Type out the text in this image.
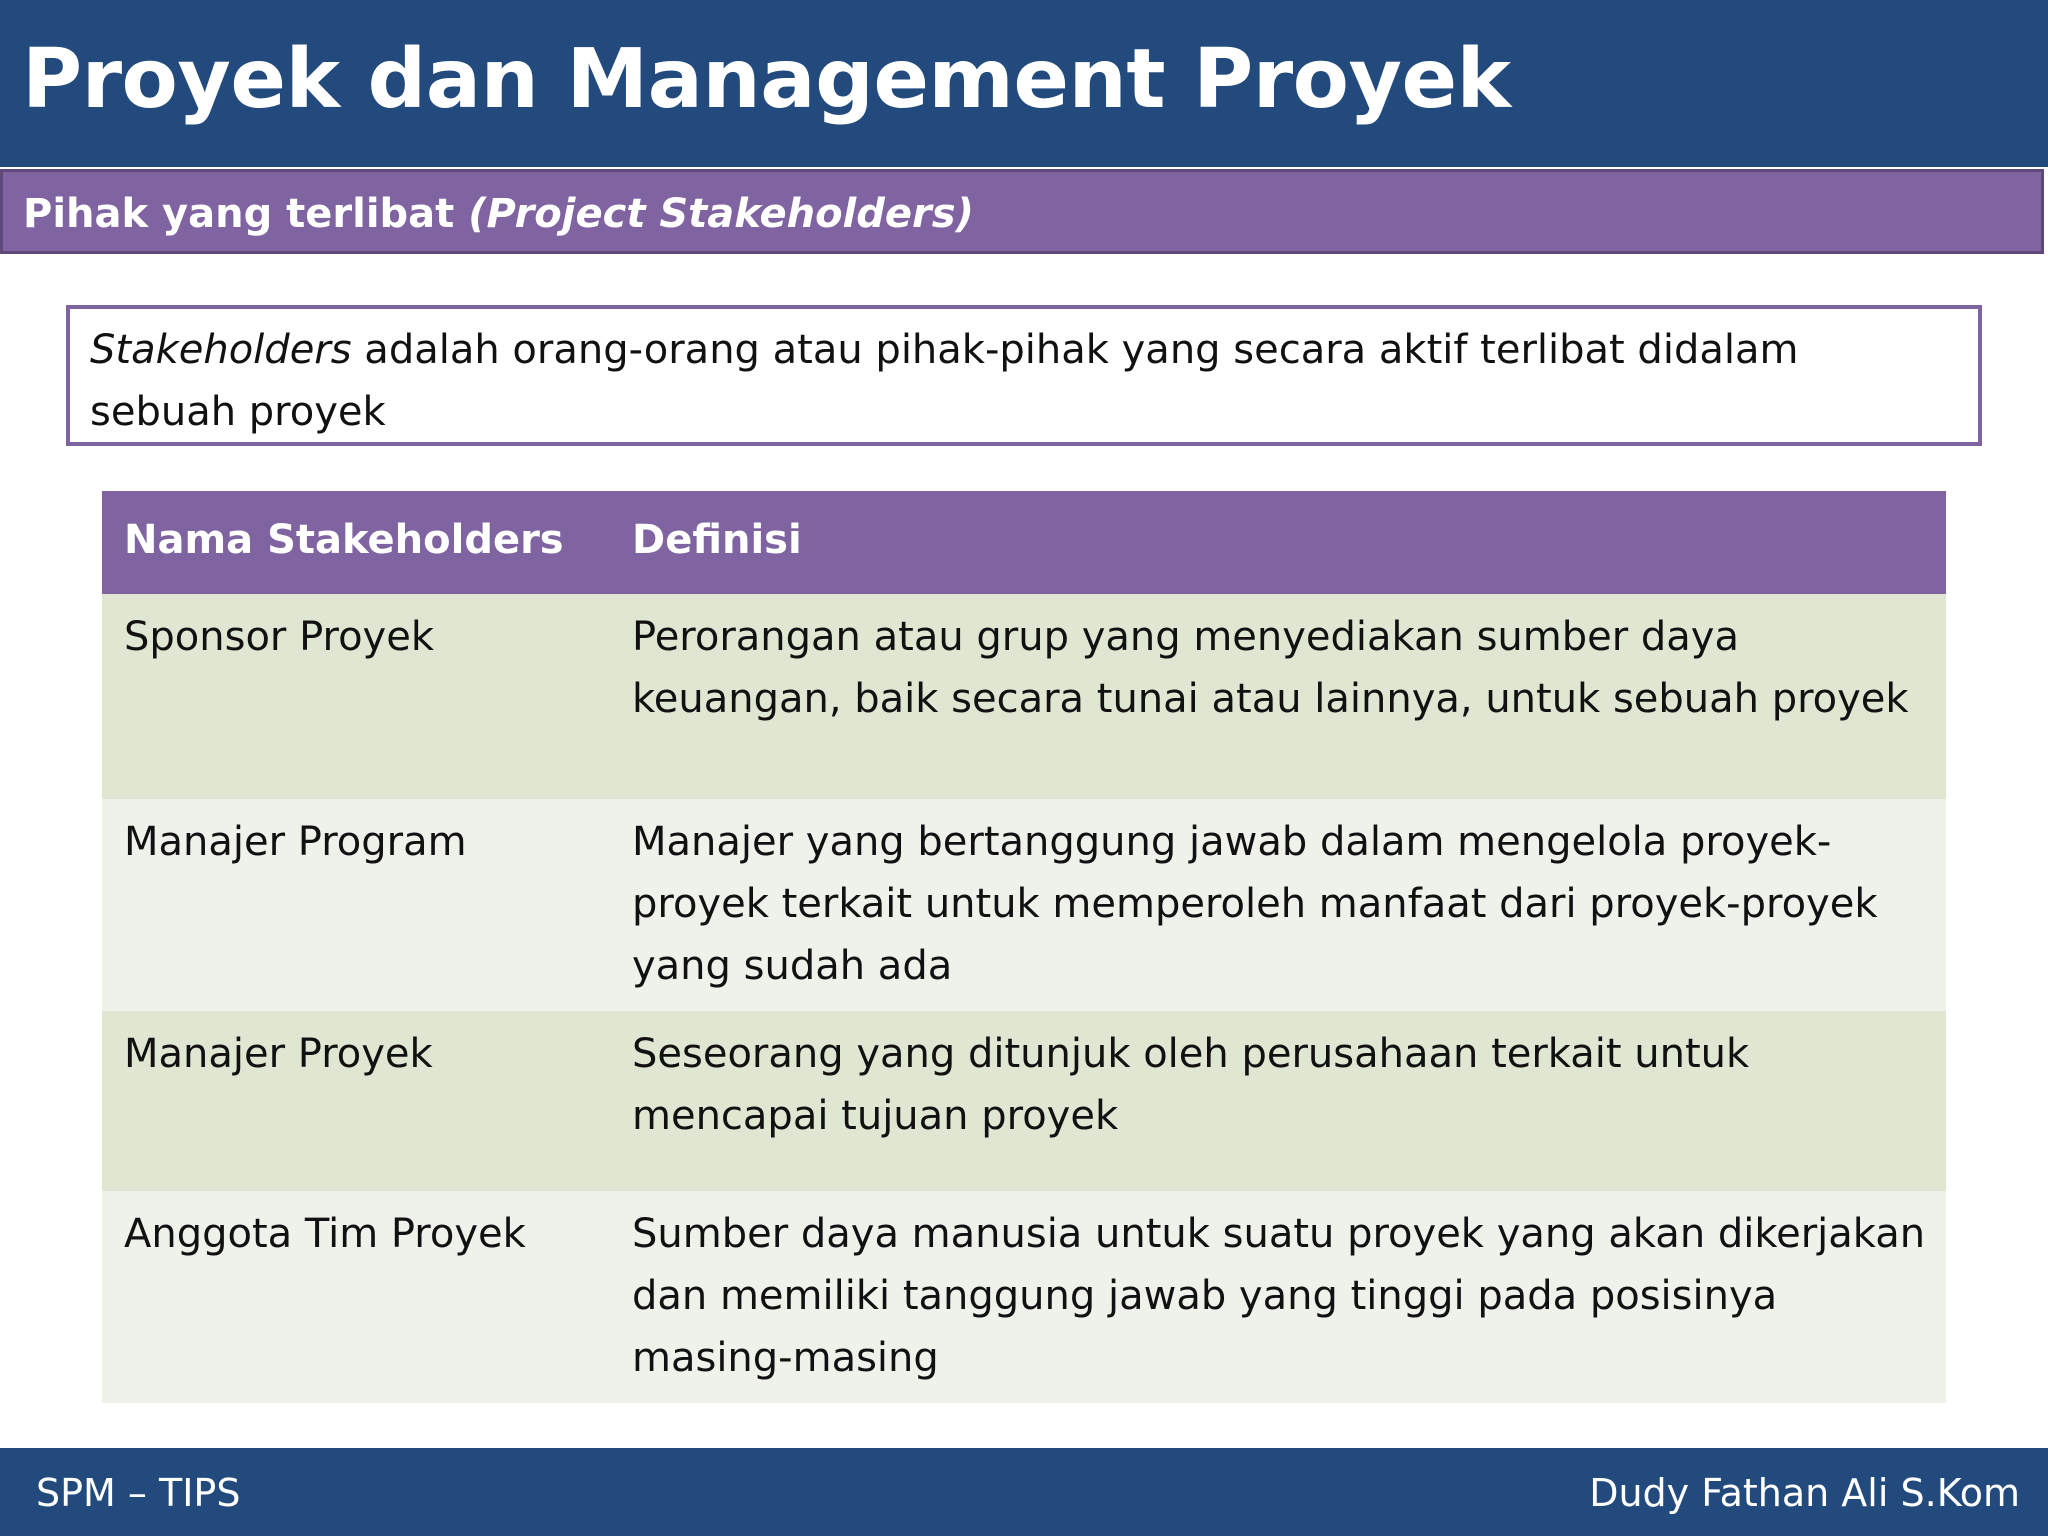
Proyek dan Management Proyek
Pihak yang terlibat (Project Stakeholders)
Stakeholders adalah orang-orang atau pihak-pihak yang secara aktif terlibat didalam sebuah proyek
Nama Stakeholders	Definisi
Sponsor Proyek	Perorangan atau grup yang menyediakan sumber daya keuangan, baik secara tunai atau lainnya, untuk sebuah proyek
Manajer Program	Manajer yang bertanggung jawab dalam mengelola proyek-proyek terkait untuk memperoleh manfaat dari proyek-proyek yang sudah ada
Manajer Proyek	Seseorang yang ditunjuk oleh perusahaan terkait untuk mencapai tujuan proyek
Anggota Tim Proyek	Sumber daya manusia untuk suatu proyek yang akan dikerjakan dan memiliki tanggung jawab yang tinggi pada posisinya masing-masing
SPM – TIPS	Dudy Fathan Ali S.Kom
